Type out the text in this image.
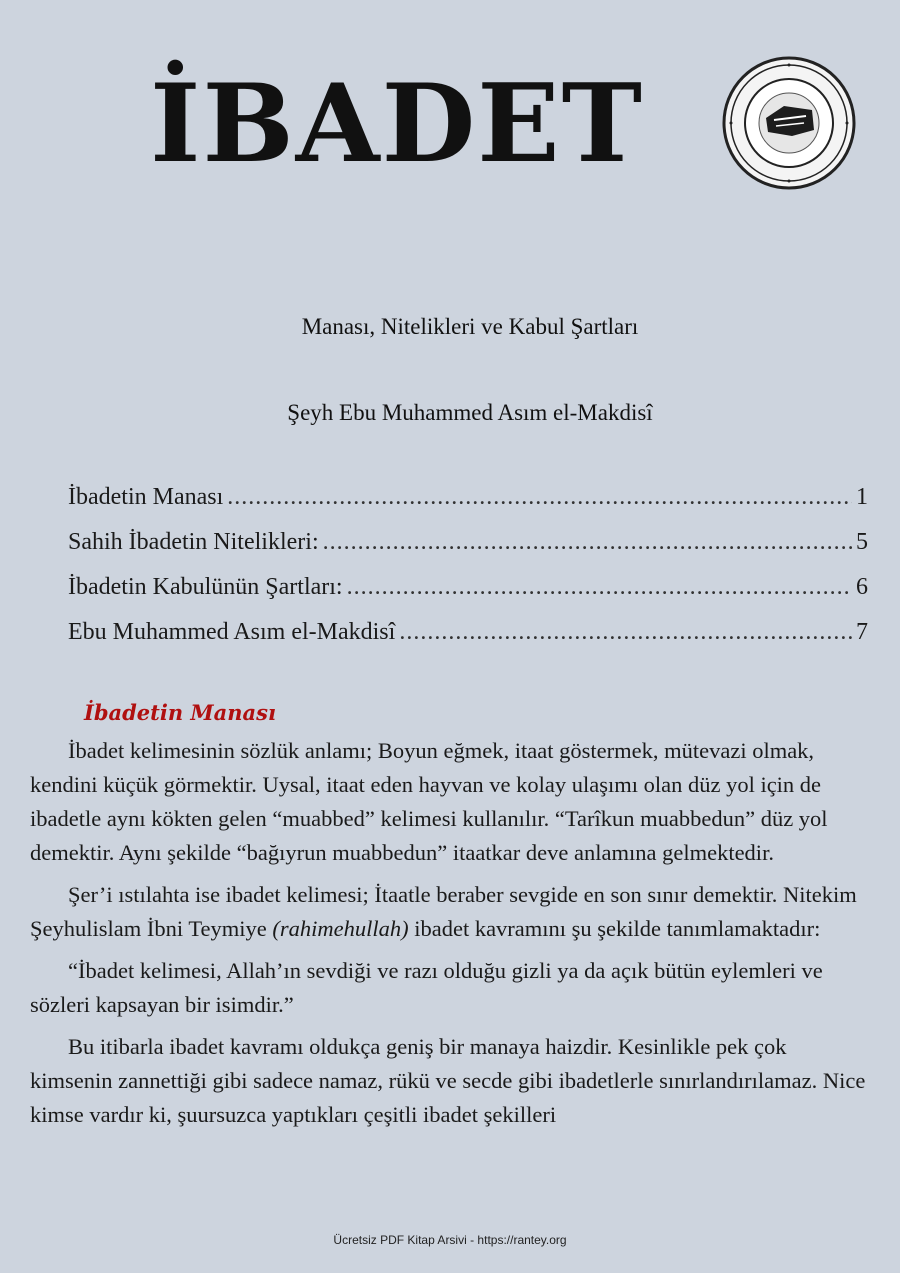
İBADET

Manası, Nitelikleri ve Kabul Şartları

Şeyh Ebu Muhammed Asım el-Makdisî

İbadetin Manası .....	1
Sahih İbadetin Nitelikleri: .....	5
İbadetin Kabulünün Şartları: .....	6
Ebu Muhammed Asım el-Makdisî .....	7
İbadetin Manası

İbadet kelimesinin sözlük anlamı; Boyun eğmek, itaat göstermek, mütevazi olmak, kendini küçük görmektir. Uysal, itaat eden hayvan ve kolay ulaşımı olan düz yol için de ibadetle aynı kökten gelen “muabbed” kelimesi kullanılır. “Tarîkun muabbedun” düz yol demektir. Aynı şekilde “bağıyrun muabbedun” itaatkar deve anlamına gelmektedir.

Şer’i ıstılahta ise ibadet kelimesi; İtaatle beraber sevgide en son sınır demektir. Nitekim Şeyhulislam İbni Teymiye (rahimehullah) ibadet kavramını şu şekilde tanımlamaktadır:

“İbadet kelimesi, Allah’ın sevdiği ve razı olduğu gizli ya da açık bütün eylemleri ve sözleri kapsayan bir isimdir.”

Bu itibarla ibadet kavramı oldukça geniş bir manaya haizdir. Kesinlikle pek çok kimsenin zannettiği gibi sadece namaz, rükü ve secde gibi ibadetlerle sınırlandırılamaz. Nice kimse vardır ki, şuursuzca yaptıkları çeşitli ibadet şekilleri

Ücretsiz PDF Kitap Arsivi - https://rantey.org
